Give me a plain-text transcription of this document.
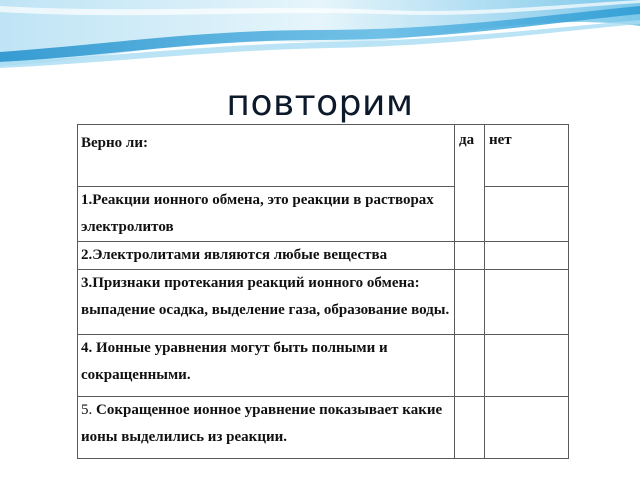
повторим
Верно ли:	да	нет
1.Реакции ионного обмена, это реакции в растворах электролитов		
2.Электролитами являются любые вещества		
3.Признаки протекания реакций ионного обмена: выпадение осадка, выделение газа, образование воды.		
4. Ионные уравнения могут быть полными и сокращенными.		
5. Сокращенное ионное уравнение показывает какие ионы выделились из реакции.		
